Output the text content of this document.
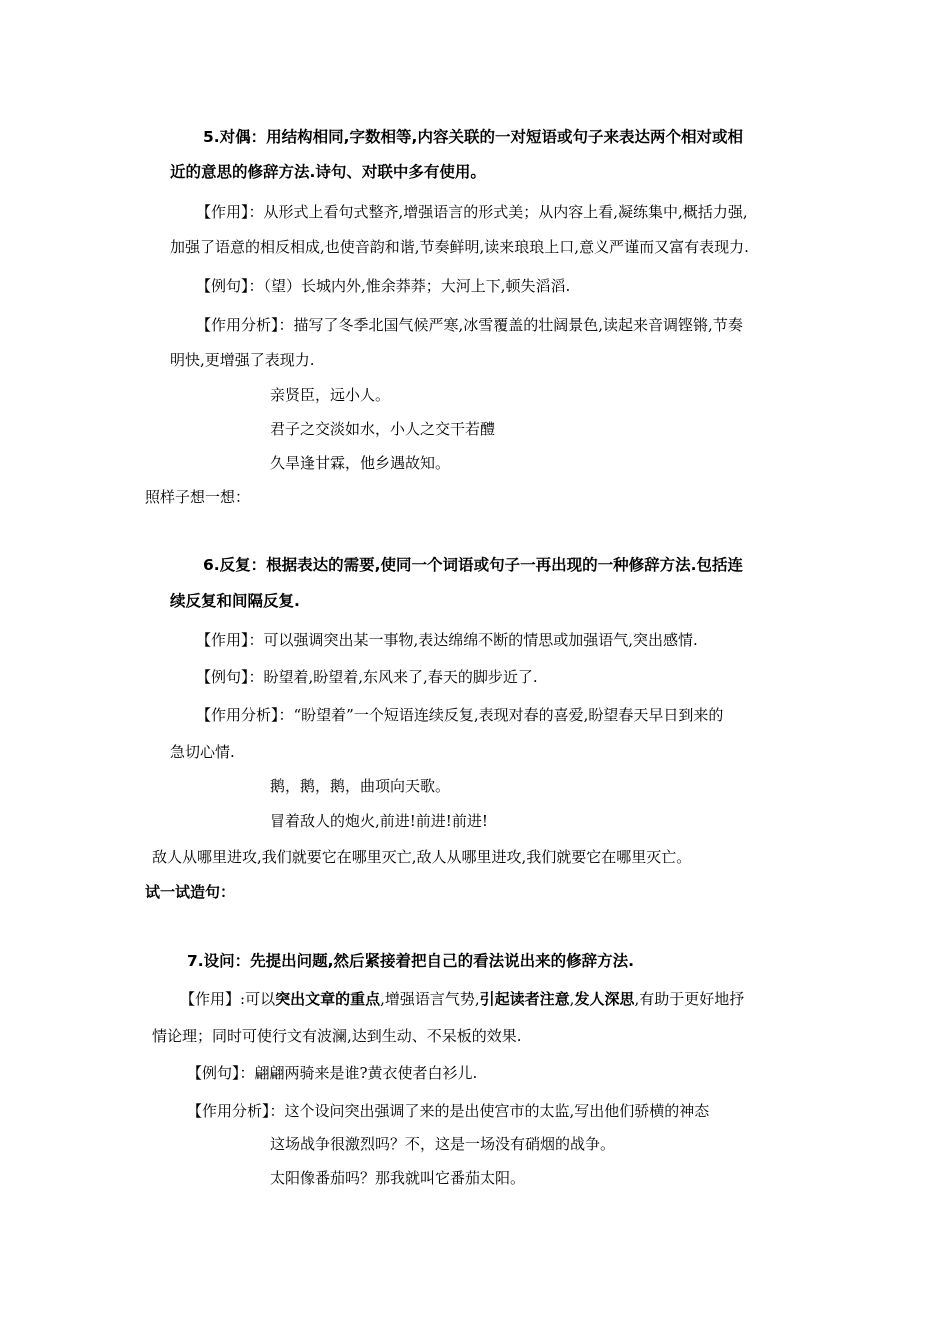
5.对偶：用结构相同,字数相等,内容关联的一对短语或句子来表达两个相对或相
近的意思的修辞方法.诗句、对联中多有使用。
【作用】：从形式上看句式整齐,增强语言的形式美；从内容上看,凝练集中,概括力强,
加强了语意的相反相成,也使音韵和谐,节奏鲜明,读来琅琅上口,意义严谨而又富有表现力.
【例句】：（望）长城内外,惟余莽莽；大河上下,顿失滔滔.
【作用分析】：描写了冬季北国气候严寒,冰雪覆盖的壮阔景色,读起来音调铿锵,节奏
明快,更增强了表现力.
亲贤臣，远小人。
君子之交淡如水，小人之交干若醴
久旱逢甘霖，他乡遇故知。
照样子想一想：
6.反复：根据表达的需要,使同一个词语或句子一再出现的一种修辞方法.包括连
续反复和间隔反复.
【作用】：可以强调突出某一事物,表达绵绵不断的情思或加强语气,突出感情.
【例句】：盼望着,盼望着,东风来了,春天的脚步近了.
【作用分析】：“盼望着”一个短语连续反复,表现对春的喜爱,盼望春天早日到来的
急切心情.
鹅，鹅，鹅，曲项向天歌。
冒着敌人的炮火,前进!前进!前进!
敌人从哪里进攻,我们就要它在哪里灭亡,敌人从哪里进攻,我们就要它在哪里灭亡。
试一试造句：
7.设问：先提出问题,然后紧接着把自己的看法说出来的修辞方法.
【作用】:可以突出文章的重点,增强语言气势,引起读者注意,发人深思,有助于更好地抒
情论理；同时可使行文有波澜,达到生动、不呆板的效果.
【例句】：翩翩两骑来是谁?黄衣使者白衫儿.
【作用分析】：这个设问突出强调了来的是出使宫市的太监,写出他们骄横的神态
这场战争很激烈吗？不，这是一场没有硝烟的战争。
太阳像番茄吗？那我就叫它番茄太阳。
